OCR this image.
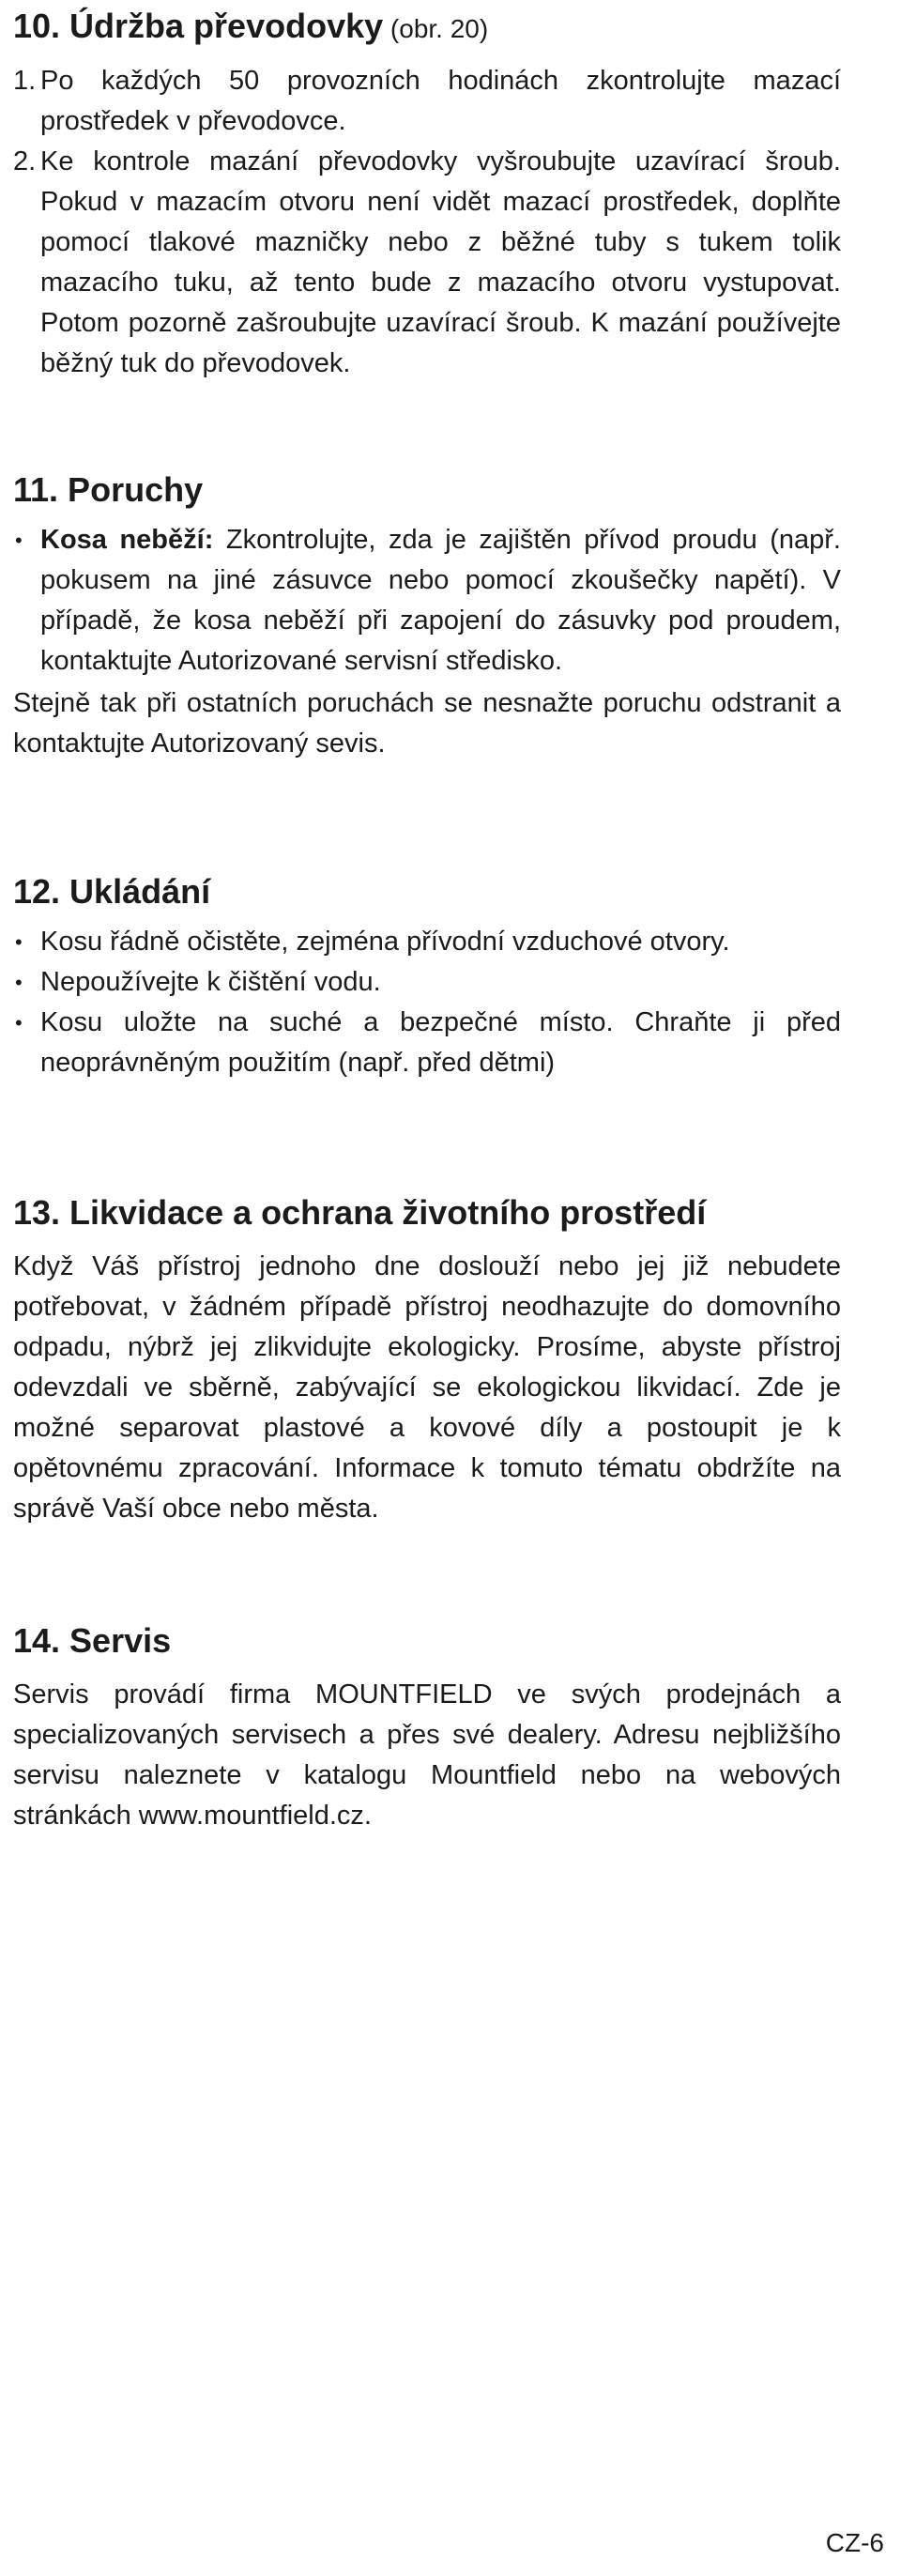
10. Údržba převodovky (obr. 20)
1. Po každých 50 provozních hodinách zkontrolujte mazací prostředek v převodovce.
2. Ke kontrole mazání převodovky vyšroubujte uzavírací šroub. Pokud v mazacím otvoru není vidět mazací prostředek, doplňte pomocí tlakové mazničky nebo z běžné tuby s tukem tolik mazacího tuku, až tento bude z mazacího otvoru vystupovat. Potom pozorně zašroubujte uzavírací šroub. K mazání používejte běžný tuk do převodovek.
11. Poruchy
• Kosa neběží: Zkontrolujte, zda je zajištěn přívod proudu (např. pokusem na jiné zásuvce nebo pomocí zkoušečky napětí). V případě, že kosa neběží při zapojení do zásuvky pod proudem, kontaktujte Autorizované servisní středisko.

Stejně tak při ostatních poruchách se nesnažte poruchu odstranit a kontaktujte Autorizovaný sevis.

12. Ukládání
• Kosu řádně očistěte, zejména přívodní vzduchové otvory.
• Nepoužívejte k čištění vodu.
• Kosu uložte na suché a bezpečné místo. Chraňte ji před neoprávněným použitím (např. před dětmi)
13. Likvidace a ochrana životního prostředí

Když Váš přístroj jednoho dne doslouží nebo jej již nebudete potřebovat, v žádném případě přístroj neodhazujte do domovního odpadu, nýbrž jej zlikvidujte ekologicky. Prosíme, abyste přístroj odevzdali ve sběrně, zabývající se ekologickou likvidací. Zde je možné separovat plastové a kovové díly a postoupit je k opětovnému zpracování. Informace k tomuto tématu obdržíte na správě Vaší obce nebo města.

14. Servis

Servis provádí firma MOUNTFIELD ve svých prodejnách a specializovaných servisech a přes své dealery. Adresu nejbližšího servisu naleznete v katalogu Mountfield nebo na webových stránkách www.mountfield.cz.

CZ-6
